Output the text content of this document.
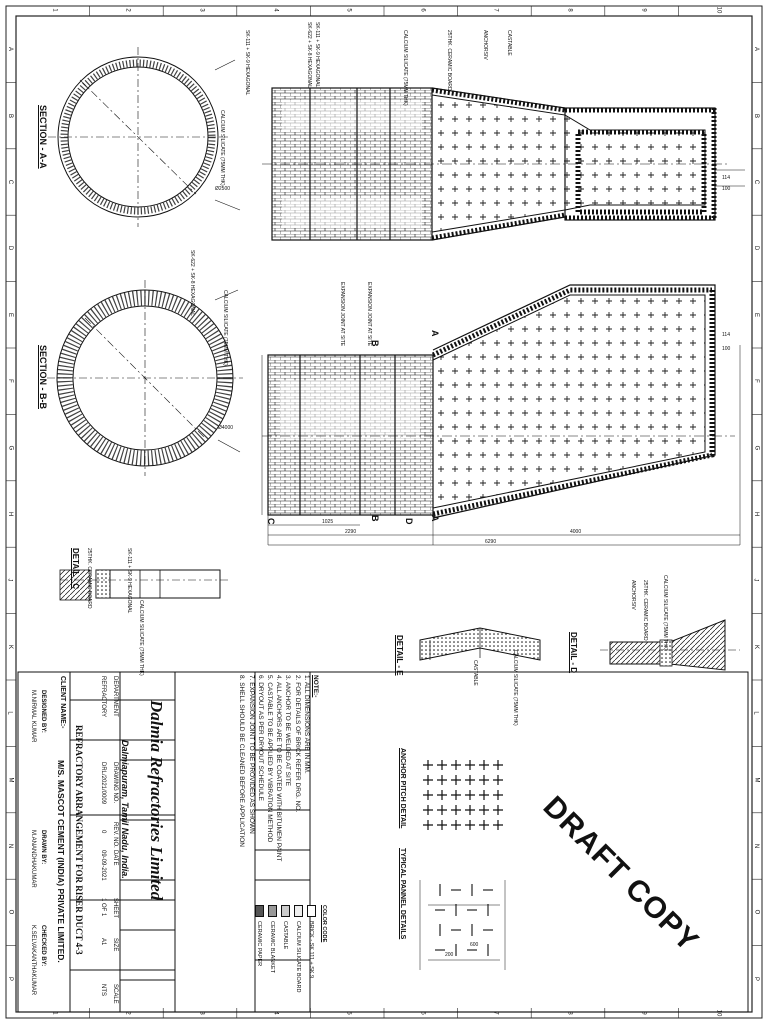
SECTION - A-A
SECTION - B-B
DETAIL - C
DETAIL - E	DETAIL - D
ANCHOR PITCH DETAIL
TYPICAL PANNEL DETAILS
CASTABLE
ANCHORSIV
25THK. CERAMIC BOARD
CALCIUM SILICATE (75MM THK)
SK-111 + SK-9 HEXAGONAL
SK-622 + SK-8 HEXAGONAL
SK-111 + SK-9 HEXAGONAL
CALCIUM SILICATE (75MM THK)
SK-622 + SK-8 HEXAGONAL
CALCIUM SILICATE (75MM THK)	EXPANSION JOINT AT SITE
EXPANSION JOINT AT SITE
CALCIUM SILICATE (75MM THK)
25THK. CERAMIC BOARD
ANCHORSIV
CALCIUM SILICATE (75MM THK)
CASTABLE
CALCIUM SILICATE (75MM THK)
SK-111 + SK-9 HEXAGONAL
25THK. CERAMIC BOARD
B
B
A
A
C	D
1025
2290	4000
6290
114
100
114
100
Ø2500
Ø4000
200
600
NOTE:-
1. ALL DIMENSIONS ARE IN MM.
2. FOR DETAILS OF BRICK REFER DRG. NO.
3. ANCHOR TO BE WELDED AT SITE
4. ALL ANCHORS ARE TO BE COATED WITH BITUMEN PAINT
5. CASTABLE TO BE APPLIED BY VIBRATION METHOD
6. DRYOUT AS PER DRYOUT SCHEDULE
7. EXPANSION JOINT TO BE PROVIDED AS SHOWN
8. SHELL SHOULD BE CLEANED BEFORE APPLICATION
COLOR CODE
BRICK - SK 111 + SK 9
CALCIUM SILICATE BOARD
CASTABLE
CERAMIC BLANKET
CERAMIC PAPER
Dalmia Refractories Limited
Dalmiapuram, Tamil Nadu, India.
DEPARTMENT
REFRACTORY
DRAWING NO.
DRL/2021/0009
REV. NO.
0
DATE
09-09-2021
SHEET
1 OF 1
SIZE
A1
SCALE
NTS
CLIENT NAME:-
M/S. MASCOT CEMENT (INDIA) PRIVATE LIMITED. REFRACTORY ARRANGEMENT FOR RISER DUCT 4-3
DESIGNED BY:
M.NIRMAL KUMAR
DRAWN BY:
M.ANANDHAKUMAR
CHECKED BY:
K.SELVAKANTHAKUMAR
1
1
2
2
3
3
4
4
5
5
6
6
7
7
8
8
9
9
10
10
A	A
B	B
C	C
D	D
E	E
F	F
G	G
H	H
J	J
K	K
L	L
M	M
N	N
O	O
P	P
DRAFT COPY
